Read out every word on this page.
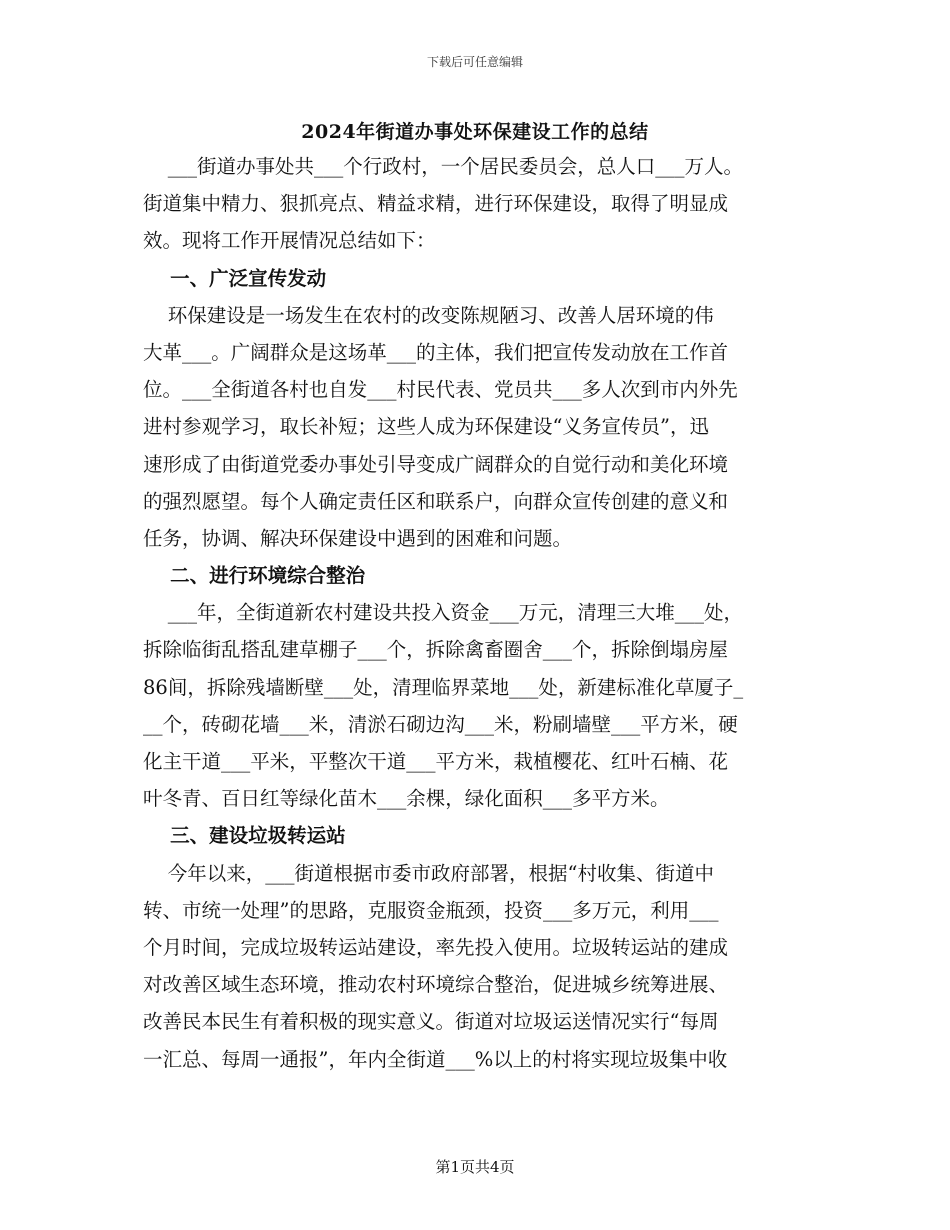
下载后可任意编辑
2024年街道办事处环保建设工作的总结
___街道办事处共___个行政村，一个居民委员会，总人口___万人。
街道集中精力、狠抓亮点、精益求精，进行环保建设，取得了明显成
效。现将工作开展情况总结如下：
一、广泛宣传发动
环保建设是一场发生在农村的改变陈规陋习、改善人居环境的伟
大革___。广阔群众是这场革___的主体，我们把宣传发动放在工作首
位。___全街道各村也自发___村民代表、党员共___多人次到市内外先
进村参观学习，取长补短；这些人成为环保建设“义务宣传员”，迅
速形成了由街道党委办事处引导变成广阔群众的自觉行动和美化环境
的强烈愿望。每个人确定责任区和联系户，向群众宣传创建的意义和
任务，协调、解决环保建设中遇到的困难和问题。
二、进行环境综合整治
___年，全街道新农村建设共投入资金___万元，清理三大堆___处，
拆除临街乱搭乱建草棚子___个，拆除禽畜圈舍___个，拆除倒塌房屋
86间，拆除残墙断壁___处，清理临界菜地___处，新建标准化草厦子_
__个，砖砌花墙___米，清淤石砌边沟___米，粉刷墙壁___平方米，硬
化主干道___平米，平整次干道___平方米，栽植樱花、红叶石楠、花
叶冬青、百日红等绿化苗木___余棵，绿化面积___多平方米。
三、建设垃圾转运站
今年以来，___街道根据市委市政府部署，根据“村收集、街道中
转、市统一处理”的思路，克服资金瓶颈，投资___多万元，利用___
个月时间，完成垃圾转运站建设，率先投入使用。垃圾转运站的建成
对改善区域生态环境，推动农村环境综合整治，促进城乡统筹进展、
改善民本民生有着积极的现实意义。街道对垃圾运送情况实行“每周
一汇总、每周一通报”，年内全街道___%以上的村将实现垃圾集中收
第1页共4页
